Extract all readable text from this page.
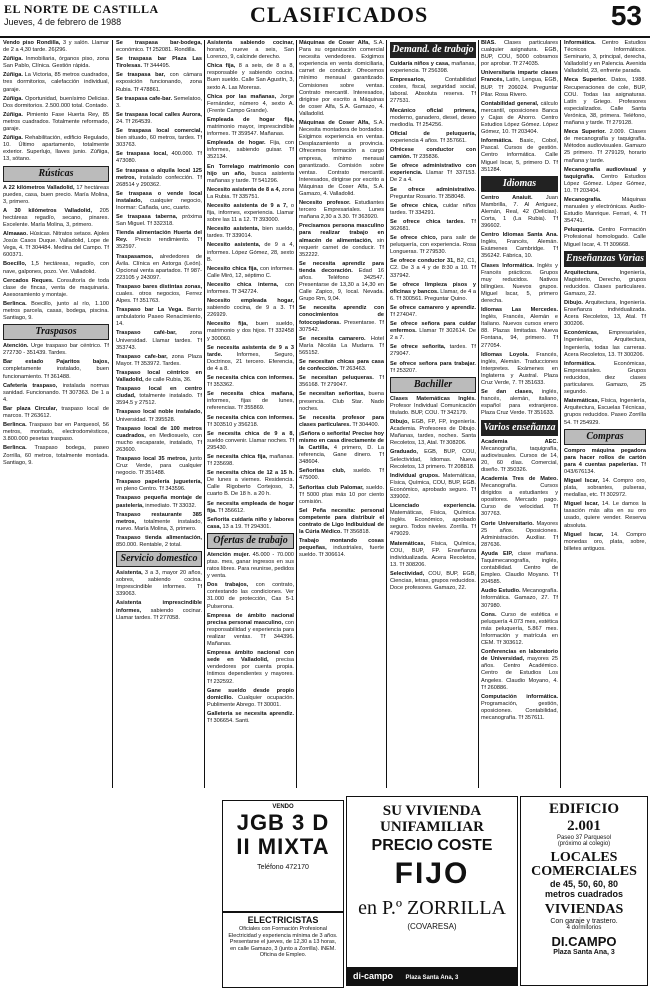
EL NORTE DE CASTILLA
Jueves, 4 de febrero de 1988	CLASIFICADOS	53

Vendo piso Rondilla, 3 y salón. Llamar de 2 a 4,30 tarde. 26|296.

Zúñiga. Inmobiliaria, órganos piso, zona San Pablo, Clínica. Gestión rápida.

Zúñiga. La Victoria, 85 metros cuadrados, tres dormitorios, calefacción individual, garaje.

Zúñiga. Oportunidad, buenísimo Delicias. Dos dormitorios. 2.500.000 total. Contado.

Zúñiga. Pimiento Fase Huerta Rey, 85 metros cuadrados. Totalmente reformado, garaje.

Zúñiga. Rehabilitación, edificio Regulado, 10. Último apartamento, totalmente exterior. Superlujo, llaves junio. Zúñiga, 13, sótano.

Rústicas

A 22 kilómetros Valladolid, 17 hectáreas puedes, casa, buen precio. María Molina, 3, primero.

A 30 kilómetros Valladolid, 205 hectáreas regadío, secano, pinares. Excelente. María Molina, 3, primero.

Almaaao. Húsicas. Nitratos setaos. Ajoles Josús Casos Duque. Valladolid, Lope de Vega, 4. Tf 304484. Medina del Campo. Tf 600371.

Boecillo, 1,5 hectáreas, regadío, con nave, galpones, pozo. Ver. Valladolid.

Cercados Reques. Consultoría de toda clase de fincas, venta de maquinaria. Asesoramiento y montaje.

Berlinca. Boecillo, junto al río, 1.100 metros parcela, casas, bodega, piscina. Santiago, 9.

Traspasos

Atención. Urge traspaso bar céntrico. Tf 272730 - 351439. Tardes.

Bar estado Pajaritos bajos, completamente instalado, buen funcionamiento. Tf 361488.

Cafetería traspaso, instalada normas sanidad. Funcionando. Tf 307363. De 1 a 4.

Bar plaza Circular, traspaso local de marcos. Tf 263612.

Berlinca. Traspaso bar en Parquesol, 56 metros, montado, electrodomésticos, 3.800.000 pesetas traspaso.

Berlinca. Traspaso bodega, paseo Zorrilla, 60 metros, totalmente montada. Santiago, 9.

Se traspasa bar-bodega, económico. Tf 252081. Rondilla.

Se traspasa bar Plaza Las Tirolesas. Tf 344495.

Se traspasa bar, con cámara exposición funcionando, zona Rubia. Tf 478861.

Se traspasa cafe-bar. Semelatoo, 3.

Se traspasa local calles Aurora, 24. Tf 264539.

Se traspasa local comercial, bien situado, 60 metros, tardes. Tf 303763.

Se traspasa local, 400.000. Tf 473080.

Se traspasa o alquila local 125 metros, instalado confección. Tf 268514 y 290362.

Se traspasa o vende local instalado, cualquier negocio, Inormar: Cañada, unc, cuarto.

Se traspasa taberna, próxima San Miguel. Tf 332318.

Tienda alimentación Huerta del Rey. Precio rendimiento. Tf 352597.

Traspasamos, alrededores de Ávila. Clínica en Astorga (León). Opcional venta apartados. Tf 987-223105 y 243097.

Traspaso bares distintas zonas, cuales. otros negocios, Ferrez Alpes. Tf 351763.

Traspaso bar La Vega. Barrio ambulatorio Paseo Renacimiento, 14.

Traspaso café-bar, zona Universidad. Llamar tardes. Tf 353743.

Traspaso cafe-bar, zona Plaza Mayor. Tf 353972. Tardes.

Traspaso local céntrico en Valladolid, de calle Rubia, 36.

Traspaso local en centro ciudad, totalmente instalado. Tf 3594.5 y 27512.

Traspaso local noble instalado, Universidad. Tf 395528.

Traspaso local de 100 metros cuadrados, en Mediosuelo, con mucho escaparate, instalado, Tf 263600.

Traspaso local 35 metros, junto Cruz Verde, para cualquier negocio. Tf 351488.

Traspaso papelería juguetería, en pleno Centro. Tf 343596.

Traspaso pequeña montaje de pastelería, inmediato. Tf 33032.

Traspaso restaurante 385 metros, totalmente instalado, nuevo. María Molina, 3, primero.

Traspaso tienda alimentación, 850.000. Rentable, 2 total.

Servicio domestico

Asistenta, 3 a 3, mayor 20 años, sobres, sabiendo cocina. Imprescindible informes. Tf 339063.

Asistenta imprescindible informes, sabiendo cocinar. Llamar tardes. Tf 277058.

Asistenta sabiendo cocinar, horario, nueve a seis, San Lorenzo, 9, calcinde derecho.

Chica fija, 8 a seis, de 8 a 8, responsable y sabiendo cocina. Buen sueldo. Calle San Agustín, 3, sexto A. Las Moreras.

Chica por las mañanas, Jorge Fernández, número 4, sexto A. (Frente Campo Grande).

Empleada de hogar fija, matrimonio mayor, imprescindible informes. Tf 359547. Mañanas.

Empleada de hogar. Fija, con informes, sabiendo guisar. Tf 352134.

En Torrelago matrimonio con hijo un año, busca asistenta mañanas y tarde. Tf 541296.

Necesito asistenta de 8 a 4, zona La Rubia. Tf 335751.

Necesito asistenta de 9 a 7, o fija, informes, experiencia. Llamar sobre las 11 a 12. Tf 393000.

Necesito asistenta, bien sueldo, tardes. Tf 339014.

Necesito asistenta, de 9 a 4, informes. López Gómez, 28, sexto B.

Necesito chica fija, con informes. Calle Miró, 12, séptimo C.

Necesito chica interna, con informes. Tf 342724.

Necesito empleada hogar, sabiendo cocina, de 9 a 3. Tf 226929.

Necesito fija, buen sueldo, matrimonio y dos hijos. Tf 332458 y 300060.

Se necesita asistenta de 9 a 3 tarde. Informes, Seguro, Doctrinos, 21 tercero. Eferencia, de 4 a 8.

Se necesita chica con informes. Tf 353362.

Se necesita chica mañana, informes, fijas de lunes, referencias. Tf 355869.

Se necesita chica con informes. Tf 303510 y 356218.

Se necesita chica de 9 a 8, sueldo convenir. Llamar noches. Tf 295430.

Se necesita chica fija, mañanas. Tf 235698.

Se necesita chica de 12 a 15 h. De lunes a viernes. Residencia. Calle Rigoberto Cortejoso, 3, cuarto B. De 18 h. a 20 h.

Se necesita empleada de hogar fija. Tf 356612.

Señorita cuidaría niño y labores casa, 13 a 19. Tf 294301.

Ofertas de trabajo

Atención mujer. 45.000 - 70.000 ptas. mes, ganar ingresos en sus ratos libres. Para reunirse, pedidos y venta.

Dos trabajos, con contrato, contestando las condiciones. Ver 31.000 de protección, Cas 5-1 Pulserona.

Empresa de ámbito nacional precisa personal masculino, con responsabilidad y experiencia para realizar ventas. Tf 344396. Mañanas.

Empresa ámbito nacional con sede en Valladolid, precisa vendedores por cuenta propia. Intimos dependientes y mayores. Tf 232592.

Gane sueldo desde propio domicilio. Cualquier ocupación. Publimente Abrego. Tf 30001.

Galleteria se necesita aprendiz. Tf 306654. Santi.

Máquinas de Coser Alfa, S.A. Para su organización comercial necesita vendedores. Exigimos experiencia en venta domiciliaria, carnet de conducir. Ofrecemos mínimo mensual garantizado. Comisiones sobre ventas. Contrato mercantil. Interesados, dirigirse por escrito a Máquinas de coser Alfa, S.A. Gamazo, 4. Valladolid.

Máquinas de Coser Alfa, S.A. Necesita montadora de bordados. Exigimos experiencia en ventas. Desplazamiento a provincia. Ofrecemos formación a cargo empresa, mínimo mensual garantizado. Comisión sobre ventas. Contrato mercantil. Interesados, dirigirse por escrito a Máquinas de Coser Alfa, S.A. Gamazo, 4. Valladolid.

Necesito profesor. Estudiantes tercero Empresariales. Lunes mañana 2,30 a 3.30. Tf 363920.

Precisamos persona masculino para realizar trabajo en almacén de alimentación, sin requerir carnet de conducir. Tf 352222.

Se necesita aprendiz para tienda decoración. Edad 16 años. Teléfono 342547. Presentarse de 13,30 a 14,30 en Calle Zapico, 9, local. Nevada. Grupo Rm, 9,04.

Se necesita aprendiz con conocimientos de fotocopiadoras. Presentarse. Tf 307542.

Se necesita camarero. Hotel María Nicolás La Mudarra. Tf 565152.

Se necesitan chicas para casa de confección. Tf 263463.

Se necesitan peluqueras. Tf 356168. Tf 279047.

Se necesitan señoritas, buena presencia. Club Star. Nado noches.

Se necesita profesor para clases particulares. Tf 304400.

¡Señora o señorita! Precise hoy mismo en casa directamente de la Cartilla, 4 primero, D. La referencia, Gane dinero. Tf 348604.

Señoritas club, sueldo. Tf 475000.

Señoritas club Palomar, sueldo. Tf 5000 ptas más 10 por ciento comisión.

Sel Peña necesita: personal competente para distribuir el contrato de Ligo Indibuidual de la Cúria Médico. Tf 356818.

Trabajo montando cosas pequeñas, industriales, fuerte sueldo. Tf 306614.

Demand. de trabajo

Cuidaría niños y casa, mañanas, experiencia. Tf 256398.

Empresarios, Contabilidad costes, fiscal, seguridad social, laboral. Absoluta reserva. Tf 277531.

Mecánico oficial primera, moderno, ganadero, diesel, deseo mediodía. Tf 254256.

Oficial de peluquería, experiencia 4 años. Tf 357661.

Ofrécese conductor con camión. Tf 235836.

Se ofrece administrativo con experiencia. Llamar Tf 337153. De 2 a 4.

Se ofrece administrativo. Preguntar Rosario. Tf 358048.

Se ofrece chica, cuidar niños tardes. Tf 334291.

Se ofrece chica tardes. Tf 362681.

Se ofrece chico, para salir de peluquería, con experiencia. Rosa Longueras. Tf 279530.

Se ofrece conductor 31, B2, C1, C2. De 3 a 4 y de 8:30 a 10. Tf 337942.

Se ofrece limpieza pisos y oficinas y bancos. Llamar, de 4 a 6. Tf 300561. Preguntar Quino.

Se ofrece camarero y aprendiz. Tf 274047.

Se ofrece señora para cuidar enfermos. Llamar Tf 302614. De 2 a 7.

Se ofrece señorita, tardes. Tf 279047.

Se ofrece señora para trabajar. Tf 253207.

Bachiller

Clases Matemáticas Inglés. Profesor Individual Comunicación titulado. BUP, COU. Tf 342179.

Dibujo, EGB, FP, FP, ingeniería. Academia. Profesores de Dibujo. Mañanas, tardes, noches. Santa Recoletos, 13, Atal. Tf 308206.

Graduado, EGB, BUP, COU, Selectividad, Idiomas. Nueva Recoletos, 13 primero. Tf 208818.

Individual grupos. Matemáticas, Física, Química, COU, BUP, EGB. Económico, aprobado seguro. Tf 339002.

Licenciado experiencia. Matemáticas, Física, Química. Inglés. Económico, aprobado seguro. Todos niveles. Zorrilla. Tf 479029.

Matemáticas, Física, Química, COU, BUP, FP. Enseñanza individualizada. Acera Recoletos, 13. Tf 308206.

Selectividad, COU, BUP, EGB, Ciencias, letras, grupos reducidos. Doce profesores. Gamazo, 22.

BIAS. Clases particulares cualquier asignatura. EGB, BUP, COU, 5000 cobramos por aprobar. Tf 274035.

Universitaria imparte clases Francés, Latín, Lengua, EGB, BUP. Tf 206024. Preguntar Pilar. Rosa Rivero.

Contabilidad general, cálculo mercantil, oposiciones Banca y Cajas de Ahorro. Centro Estudios López Gómez. López Gómez, 10. Tf 203404.

Informática. Basic, Cobol, Pascal. Cursos de gestión. Centro informática. Calle Miguel Iscar, 5, primero D. Tf 351284.

Idiomas

Centro Anaiuit. Juan Mambrilla, 7. Al Arriguez, Alemán, Real, 42 (Delicias). Corta, 1 (La Rubia). Tf 396602.

Centro Idiomas Santa Ana. Inglés, Francés, Alemán. Exámenes Cambridge. Tf 356242. Fábrica, 10.

Clases Informática. Inglés y Francés prácticos. Grupos muy reducidos. Nativos bilingües. Nuevos grupos. Miguel Iscar, 5, primero derecha.

Idiomas Las Mercedes. Inglés, Francés, Alemán e Italiano. Nuevos cursos enero 88. Plazas limitadas. Nueva Fontana, 94, primero. Tf 277054.

Idiomas Loyola. Francés, inglés, Alemán. Traducciones Interpretes. Exámenes en Inglaterra y Austral. Plaza Cruz Verde, 7. Tf 351633.

Se dan clases, inglés, francés, alemán, italiano, español para extranjeros. Plaza Cruz Verde. Tf 351633.

Varios enseñanza

Academia AEC. Mecanografía, taquigrafía, audiovisuales. Cursos de 14, 20, 60 días. Comercial, diseño. Tf 350326.

Academia Tres de Mateo. Mecanografía. Cursos dirigidos a estudiantes y opositores. Mercado pago. Curso de velocidad. Tf 307763.

Corte Universitario. Mayores 25 años. Oposiciones. Administración. Auxiliar. Tf 287636.

Ayuda EIP, clase mañana. Taquimecanografía, inglés, contabilidad. Centro de Empleo. Claudio Moyano. Tf 204585.

Audio Estudio. Mecanografía. Informática. Gamazo, 27. Tf 307980.

Cons. Curso de estética e peluquería 4.073 mes, estética más peluquería, 5.867 mes. Información y matrícula en CEM. Tf 303612.

Conferencias en laboratorio de Universidad, mayores 25 años. Centro Académico. Centro de Estudios Los Angeles. Claudio Moyano, 4. Tf 260886.

Computación informática. Programación, gestión, oposiciones. Contabilidad, mecanografía. Tf 357611.

Informática. Centro Estudios Técnicos Informáticos. Seminario, 3, principal, derecha, Valladolid y en Palencia. Avenida Valladolid, 23, enfrente parada.

Meca Superior. Datos, 1988. Recuperaciones de cole, BUP, COU. Todas las asignaturas. Latín y Griego. Profesores especializados. Calle Santa Verónica, 38, primera. Teléfono, mañana y tarde. Tf 279128.

Meca Superior. 2.009. Clases de mecanografía y taquigrafía. Métodos audiovisuales. Gamazo 25 primero. Tf 279129, horario mañana y tarde.

Mecanografía audiovisual y taquigrafía. Centro Estudios López Gómez. López Gómez, 10. Tf 203404.

Mecanografía. Máquinas manuales y electrónicas. Audio-Estudio Manrique. Ferrari, 4. Tf 354741.

Peluquería. Centro Formación Profesional homologado. Calle Miguel Iscar, 4. Tf 309668.

Enseñanzas Varias

Arquitectura, Ingeniería, Magisterio, Derecho, grupos reducidos. Clases particulares. Gamazo, 22.

Dibujo. Arquitectura, Ingeniería. Enseñanza individualizada. Acera Recoletos, 13, Atal. Tf 300206.

Económicas, Empresariales, Ingenierías, Arquitectura, Ingeniería, todas las carreras. Acera Recoletos, 13. Tf 300206.

Informática. Económicas, Empresariales. Grupos reducidos, diez clases particulares. Gamazo, 25 segundo.

Matemáticas, Física, Ingeniería, Arquitectura, Escuelas Técnicas, grupos reducidos. Paseo Zorrilla 54. Tf 254929.

Compras

Compro máquina pegadora para hacer rollos de cartón para 4 cuentas papelerías. Tf 043/676134.

Miguel Iscar, 14. Compro oro, plata, sobrantes, pulseras, medallas, etc. Tf 302972.

Miguel Iscar, 14. Le damos la tasación más alta en su oro usado, quiere vender. Reserva absoluta.

Miguel Iscar, 14. Compro monedas oro, plata, sobre, billetes antiguos.

VENDO
JGB 3 D
II MIXTA
Teléfono 472170
ELECTRICISTAS
Oficiales con Formación Profesional Electricidad y experiencia mínima de 3 años. Presentarse el jueves, de 12,30 a 13 horas, en calle Gamazo, 3 (junto a Zorrilla). INEM. Oficina de Empleo.
SU VIVIENDA UNIFAMILIAR
PRECIO COSTE
FIJO
en P.º ZORRILLA
(COVARESA)
di-campo Plaza Santa Ana, 3
EDIFICIO
2.001
Paseo 37 Parquesol
(próximo al colegio)
LOCALES COMERCIALES
de 45, 50, 60, 80
metros cuadrados
VIVIENDAS
Con garaje y trastero.
4 dormitorios
DI.CAMPO
Plaza Santa Ana, 3
